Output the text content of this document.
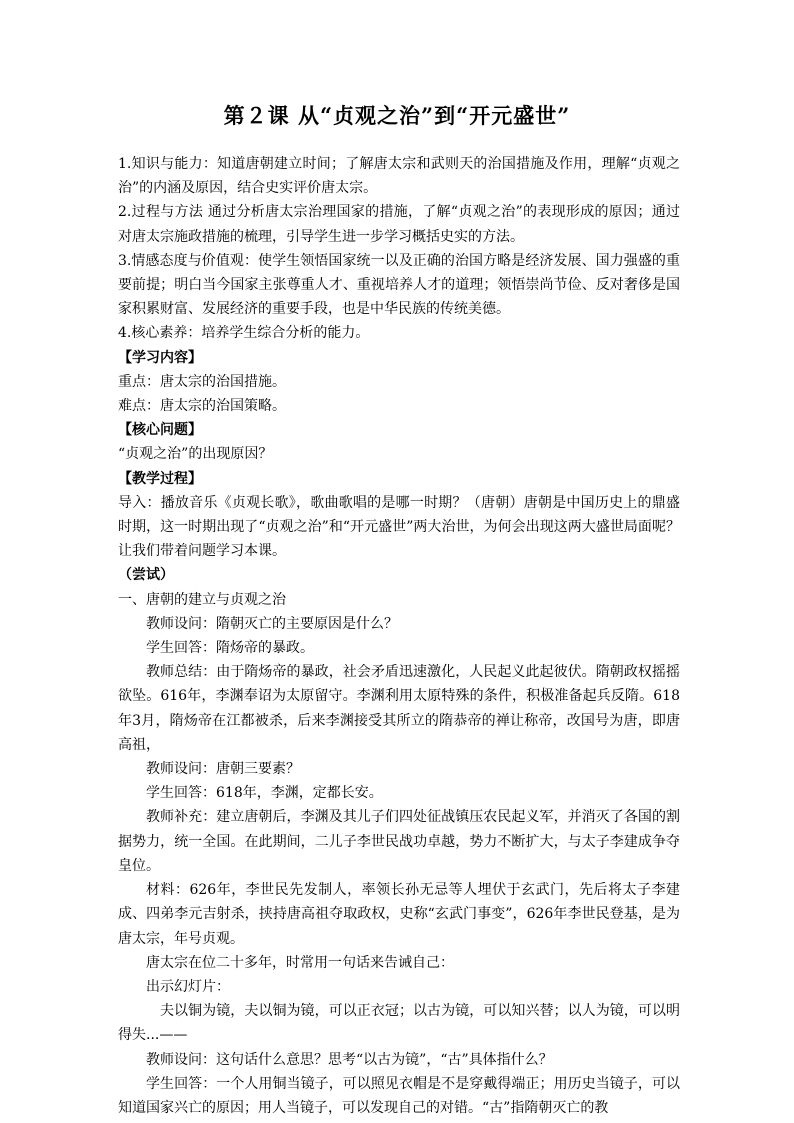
第２课 从“贞观之治”到“开元盛世”

1.知识与能力：知道唐朝建立时间；了解唐太宗和武则天的治国措施及作用，理解“贞观之治”的内涵及原因，结合史实评价唐太宗。

2.过程与方法 通过分析唐太宗治理国家的措施，了解“贞观之治”的表现形成的原因；通过对唐太宗施政措施的梳理，引导学生进一步学习概括史实的方法。

3.情感态度与价值观：使学生领悟国家统一以及正确的治国方略是经济发展、国力强盛的重要前提；明白当今国家主张尊重人才、重视培养人才的道理；领悟崇尚节俭、反对奢侈是国家积累财富、发展经济的重要手段，也是中华民族的传统美德。

4.核心素养：培养学生综合分析的能力。

【学习内容】

重点：唐太宗的治国措施。

难点：唐太宗的治国策略。

【核心问题】

“贞观之治”的出现原因？

【教学过程】

导入：播放音乐《贞观长歌》，歌曲歌唱的是哪一时期？（唐朝）唐朝是中国历史上的鼎盛时期，这一时期出现了“贞观之治”和“开元盛世”两大治世，为何会出现这两大盛世局面呢？让我们带着问题学习本课。

（尝试）

一、唐朝的建立与贞观之治

教师设问：隋朝灭亡的主要原因是什么？

学生回答：隋炀帝的暴政。

教师总结：由于隋炀帝的暴政，社会矛盾迅速激化，人民起义此起彼伏。隋朝政权摇摇欲坠。616年，李渊奉诏为太原留守。李渊利用太原特殊的条件，积极准备起兵反隋。618年3月，隋炀帝在江都被杀，后来李渊接受其所立的隋恭帝的禅让称帝，改国号为唐，即唐高祖，

教师设问：唐朝三要素？

学生回答：618年，李渊，定都长安。

教师补充：建立唐朝后，李渊及其儿子们四处征战镇压农民起义军，并消灭了各国的割据势力，统一全国。在此期间，二儿子李世民战功卓越，势力不断扩大，与太子李建成争夺皇位。

材料：626年，李世民先发制人，率领长孙无忌等人埋伏于玄武门，先后将太子李建成、四弟李元吉射杀，挟持唐高祖夺取政权，史称“玄武门事变”，626年李世民登基，是为唐太宗，年号贞观。

唐太宗在位二十多年，时常用一句话来告诫自己：

出示幻灯片：

夫以铜为镜，夫以铜为镜，可以正衣冠；以古为镜，可以知兴替；以人为镜，可以明得失...——

教师设问：这句话什么意思？思考“以古为镜”，“古”具体指什么？

学生回答：一个人用铜当镜子，可以照见衣帽是不是穿戴得端正；用历史当镜子，可以知道国家兴亡的原因；用人当镜子，可以发现自己的对错。“古”指隋朝灭亡的教
